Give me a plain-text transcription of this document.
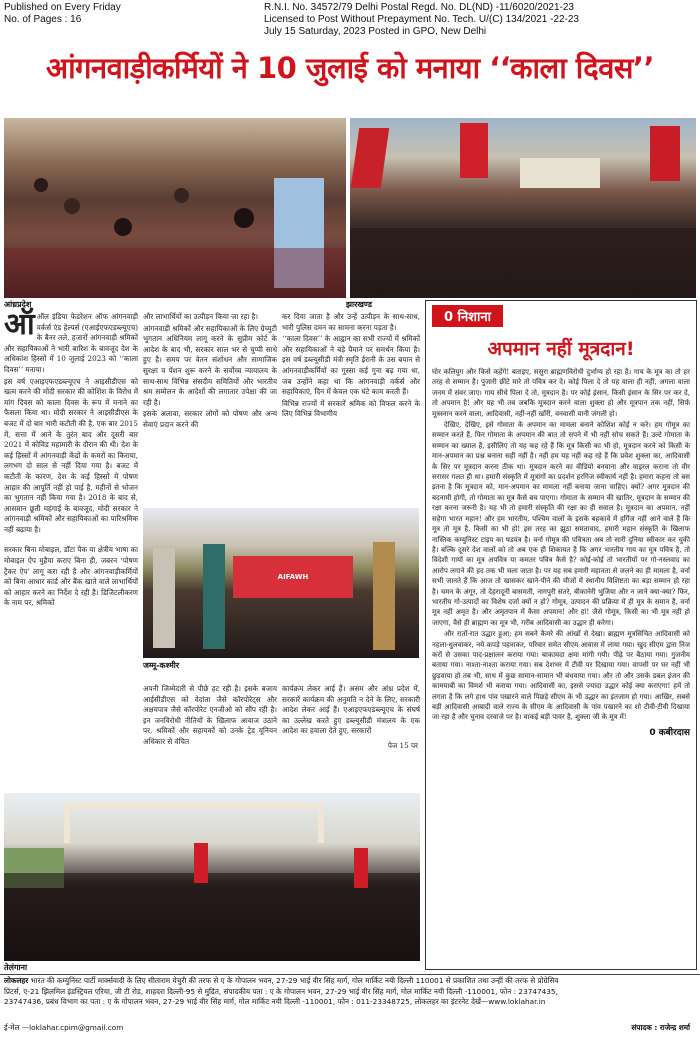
Published on Every Friday
No. of Pages : 16
R.N.I. No. 34572/79 Delhi Postal Regd. No. DL(ND) -11/6020/2021-23
Licensed to Post Without Prepayment No. Tech. U/(C) 134/2021 -22-23
July 15 Saturday, 2023 Posted in GPO, New Delhi
आंगनवाड़ीकर्मियों ने 10 जुलाई को मनाया ‘‘काला दिवस’’
आंध्रप्रदेश	झारखण्ड

ऑऑल इंडिया फेडरेशन ऑफ आंगनवाड़ी वर्कर्स एंड हेल्पर्स (एआईएफएडब्ल्यूएच) के बैनर तले, हजारों आंगनवाड़ी श्रमिकों और सहायिकाओं ने भारी बारिश के बावजूद देश के अधिकांश हिस्सों में 10 जुलाई 2023 को ‘‘काला दिवस’’ मनाया।

इस वर्ष एआइएफएडब्ल्यूएच ने आइसीडीएस को खत्म करने की मोदी सरकार की कोशिश के विरोध में मांग दिवस को काला दिवस के रूप में मनाने का फैसला किया था। मोदी सरकार ने आइसीडीएस के बजट में दो बार भारी कटौती की है, एक बार 2015 में, सत्ता में आने के तुरंत बाद और दूसरी बार 2021 में कोविड महामारी के दौरान की थी। देश के कई हिस्सों में आंगनवाड़ी केंद्रों के कमरों का किराया, लगभग दो साल से नहीं दिया गया है। बजट में कटौती के कारण, देश के कई हिस्सों में पोषण आहार की आपूर्ति नहीं हो पाई है, महीनों से भोजन का भुगतान नहीं किया गया है। 2018 के बाद से, आसमान छूती महंगाई के बावजूद, मोदी सरकार ने आंगनवाड़ी श्रमिकों और सहायिकाओं का पारिश्रमिक नहीं बढ़ाया है।

सरकार बिना मोबाइल, डॉटा पैक या क्षेत्रीय भाषा का मोबाइल ऐप मुहैया कराए बिना ही, जबरन ‘पोषण ट्रैकर ऐप’ लागू करा रही है और आंगनवाड़ीकर्मियों को बिना आधार कार्ड और बैंक खाते वाले लाभार्थियों को आहार करने का निर्देश दे रही है। डिजिटलीकरण के नाम पर, श्रमिकों

और लाभार्थियों का उत्पीड़न किया जा रहा है।

आंगनवाड़ी श्रमिकों और सहायिकाओं के लिए ग्रेच्युटी भुगतान अधिनियम लागू करने के सुप्रीम कोर्ट के आदेश के बाद भी, सरकार साल भर से चुप्पी साधे हुए है। समय पर वेतन संशोधन और सामाजिक सुरक्षा व पेंशन शुरू करने के सर्वोच्च न्यायालय के साथ-साथ विभिन्न संसदीय समितियों और भारतीय श्रम सम्मेलन के आदेशों की लगातार उपेक्षा की जा रही है।

इसके अलावा, सरकार लोगों को पोषण और अन्य सेवाएं प्रदान करने की

कर दिया जाता है और उन्हें उत्पीड़न के साथ-साथ, भारी पुलिस दमन का सामना करना पड़ता है।

‘‘काला दिवस’’ के आह्वान का सभी राज्यों में श्रमिकों और सहायिकाओं ने बड़े पैमाने पर समर्थन किया है। इस वर्ष डब्ल्यूसीडी मंत्री स्मृति ईरानी के उस बयान से आंगनवाड़ीकर्मियों का गुस्सा कई गुना बढ़ गया था, जब उन्होंने कहा था कि आंगनवाड़ी वर्कर्स और सहायिकाएं, दिन में केवल एक घंटे काम करती हैं।

विभिन्न राज्यों में सरकारें श्रमिक को विफल करने के लिए विभिन्न विभागीय

AIFAWH
जम्मू-कश्मीर
अपनी जिम्मेदारी से पीछे हट रही है। इसके बजाय आईसीडीएस को वेदांता जैसे कॉरपोरेट्स और अक्षयपात्र जैसे कॉरपोरेट एनजीओ को सौंप रही है। इन जनविरोधी नीतियों के खिलाफ आवाज उठाने पर, श्रमिकों और सहायकों को उनके ट्रेड यूनियन अधिकार से वंचित
कार्यक्रम लेकर आई हैं। असम और आंध्र प्रदेश में, सरकारें कार्यक्रम की अनुमति न देने के लिए, सरकारी आदेश लेकर आई हैं। एआइएफएडब्ल्यूएच के संघर्ष का उल्लेख करते हुए डब्ल्यूसीडी मंत्रालय के एक आदेश का हवाला देते हुए, सरकारों
पेज 15 पर
तेलंगाना
0 निशाना
अपमान नहीं मूत्रदान!

घोर कलियुग और किसे कहेंगे! बताइए, ससुरा ब्राह्मणविरोधी दुर्भाग्य हो रहा है। गाय के मूत्र का तो हर तरह से सम्मान है। पुजारी छींटे मारे तो पवित्र कर दे। कोई पिला दे तो यह वाला ही नहीं, अगला वाला जनम में संवर जाए। गाय सीधे पिला दे तो, मूत्रदान है। पर कोई इंसान, किसी इंसान के सिर पर कर दे, तो अपमान है! और यह भी तब जबकि मूत्रदान करने वाला शुक्ला हो और मूत्रपान तक नहीं, सिर्फ मूत्रस्नान करने वाला, आदिवासी, नहीं-नहीं खाँरी, वनवासी यानी जंगली हो।

देखिए, देखिए, इसे गोमाता के अपमान का मामला बनाने कोशिश कोई न करे। हम गोमूत्र का सम्मान करते हैं, फिर गोमाता के अपमान की बात तो सपने में भी नहीं सोच सकते हैं। उल्टे गोमाता के सम्मान का ख्याल है, इसीलिए तो यह कह रहे हैं कि मूत्र किसी का भी हो, मूत्रदान करने को किसी के मान-अपमान का प्रश्न बनाना सही नहीं है। नहीं हम यह नहीं कह रहे हैं कि प्रवेश शुक्ला का, आदिवासी के सिर पर मूत्रदान करना ठीक था। मूत्रदान करने का वीडियो बनवाना और वाइरल कराना तो वीर सरासर गलत ही था। हमारी संस्कृति में मूत्रांगों का प्रदर्शन हरगिज स्वीकार्य नहीं है। हमारा कहना तो बस इतना है कि मूत्रदान को, मान-अपमान का मामला नहीं बनाया जाना चाहिए। क्यों? अगर मूत्रदान की बदनामी होगी, तो गोमाता का मूत्र कैसे बच पाएगा। गोमाता के सम्मान की खातिर, मूत्रदान के सम्मान की रक्षा करना जरूरी है। यह भी तो हमारी संस्कृति की रक्षा का ही सवाल है। मूत्रदान का अपमान, नहीं सहेगा भारत महान! और हम भारतीय, पश्चिम वालों के इसके बहकावे में हर्गिज नहीं आने वाले हैं कि मूत्र तो मूत्र है, किसी का भी हो! इस तरह का झूठा समतावाद, हमारी महान संस्कृति के खिलाफ नास्तिक कम्युनिस्ट टाइप का षडयंत्र है। वर्ना गोमूत्र की पवित्रता अब तो सारी दुनिया स्वीकार कर चुकी है। बल्कि दूसरे देश वालों को तो अब एक ही शिकायत है कि अगर भारतीय गाय का मूत्र पवित्र है, तो विदेशी गायों का मूत्र अपवित्र या कमतर पवित्र कैसे है? कोई-कोई तो भारतीयों पर गो-नस्लवाद का आरोप लगाने की हद तक भी चला जाता है। पर यह सब हमारी महानता से जलने का ही मामला है, वर्ना सभी जानते हैं कि आज तो खासकर खाने-पीने की चीजों में स्थानीय विशिष्टता का बड़ा सम्मान हो रहा है। चमन के अंगूर, तो देहरादूनी बासमती, नागपुरी संतरे, बीकानेरी भुजिया और न जाने क्या-क्या? फिर, भारतीय गो-उत्पादों का विशेष दर्जा क्यों न हो? गोमूत्र, उत्पादन की प्रक्रिया में ही मूत्र के समान है, वर्ना मूत्र नहीं अमृत है। और अमृतपान में कैसा अपमान! और हां! जैसे गोमूत्र, किसी का भी मूत्र नहीं हो जाएगा, वैसे ही ब्राह्मण का मूत्र भी, गरीब आदिवासी का उद्धार ही करेगा।

और रातों-रात उद्धार हुआ; हम सबने कैमरे की आंखों से देखा। ब्राह्मण मूत्रसिंचित आदिवासी को नहला-धुलवाकर, नये कपड़े पहनाकर, परिवार समेत सीएम आवास में लाया गया। खुद सीएम द्वारा निज करों से उसका पाद-प्रक्षालन कराया गया। बाकायदा क्षमा मांगी गयी। पीढ़े पर बैठाया गया। गुजनीय बताया गया। नाश्ता-नाश्ता कराया गया। सब देशभर में टीवी पर दिखाया गया। वापसी पर घर नहीं भी छुड़वाया हो तब भी, साथ में कुछ सामान-सामान भी बंधवाया गया। और तो और उसके डबल इंजन की कामयाबी का विमर्श भी कराया गया। आदिवासी का, इससे ज्यादा उद्धार कोई क्या कराएगा! हमें तो लगता है कि लगे हाथ पांव पखारने वाले पिछड़े सीएम के भी उद्धार का इंतजाम हो गया। आखिर, सबसे बड़ी आदिवासी आबादी वाले राज्य के सीएम के आदिवासी के पांव पखारने का शो टीवी-टीवी दिखाया जा रहा है और चुनाव दरवाजे पर है। वाकई बड़ी पावर है, शुक्ला जी के मूत्र में!

0 कबीरदास
लोकलहर भारत की कम्युनिस्ट पार्टी मार्क्सवादी के लिए सीताराम येचुरी की तरफ से ए के गोपालन भवन, 27-29 भाई वीर सिंह मार्ग, गोल मार्किट नयी दिल्ली 110001 से प्रकाशित तथा उन्हीं की तरफ से प्रोग्रेसिव
प्रिंटर्स, ए-21 झिलमिल इंडस्ट्रियल एरिया, जी टी रोड, शाहदरा दिल्ली-95 से मुद्रित, संपादकीय पता : ए के गोपालन भवन, 27-29 भाई वीर सिंह मार्ग, गोल मार्किट नयी दिल्ली -110001, फोन : 23747435,
23747436, प्रबंध विभाग का पता : ए के गोपालन भवन, 27-29 भाई वीर सिंह मार्ग, गोल मार्किट नयी दिल्ली -110001, फोन : 011-23348725, लोकलहर का इंटरनेट देखें—www.loklahar.in
ई-मेल —loklahar.cpim@gmail.com	संपादक : राजेन्द्र शर्मा
